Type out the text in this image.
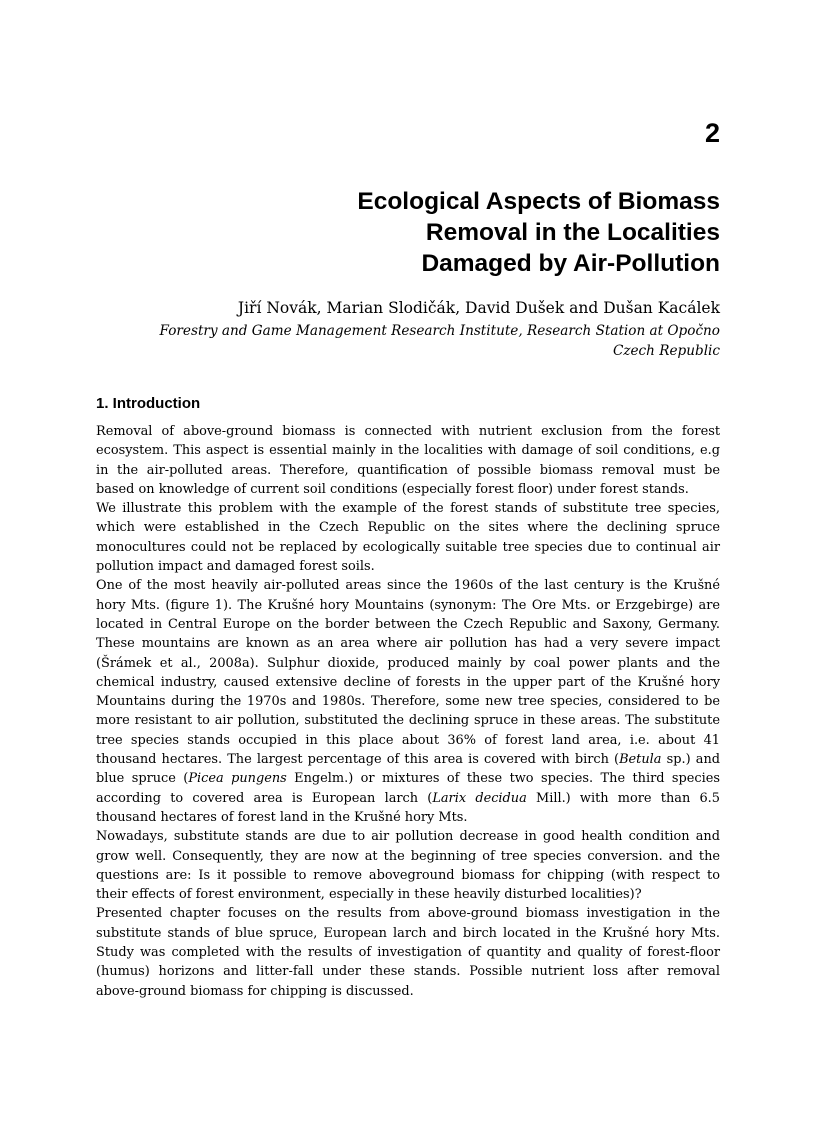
2
Ecological Aspects of Biomass
Removal in the Localities
Damaged by Air-Pollution
Jiří Novák, Marian Slodičák, David Dušek and Dušan Kacálek
Forestry and Game Management Research Institute, Research Station at Opočno
Czech Republic
1. Introduction
Removal of above-ground biomass is connected with nutrient exclusion from the forest
ecosystem. This aspect is essential mainly in the localities with damage of soil conditions, e.g
in the air-polluted areas. Therefore, quantification of possible biomass removal must be
based on knowledge of current soil conditions (especially forest floor) under forest stands.
We illustrate this problem with the example of the forest stands of substitute tree species,
which were established in the Czech Republic on the sites where the declining spruce
monocultures could not be replaced by ecologically suitable tree species due to continual air
pollution impact and damaged forest soils.
One of the most heavily air-polluted areas since the 1960s of the last century is the Krušné
hory Mts. (figure 1). The Krušné hory Mountains (synonym: The Ore Mts. or Erzgebirge) are
located in Central Europe on the border between the Czech Republic and Saxony, Germany.
These mountains are known as an area where air pollution has had a very severe impact
(Šrámek et al., 2008a). Sulphur dioxide, produced mainly by coal power plants and the
chemical industry, caused extensive decline of forests in the upper part of the Krušné hory
Mountains during the 1970s and 1980s. Therefore, some new tree species, considered to be
more resistant to air pollution, substituted the declining spruce in these areas. The substitute
tree species stands occupied in this place about 36% of forest land area, i.e. about 41
thousand hectares. The largest percentage of this area is covered with birch (Betula sp.) and
blue spruce (Picea pungens Engelm.) or mixtures of these two species. The third species
according to covered area is European larch (Larix decidua Mill.) with more than 6.5
thousand hectares of forest land in the Krušné hory Mts.
Nowadays, substitute stands are due to air pollution decrease in good health condition and
grow well. Consequently, they are now at the beginning of tree species conversion. and the
questions are: Is it possible to remove aboveground biomass for chipping (with respect to
their effects of forest environment, especially in these heavily disturbed localities)?
Presented chapter focuses on the results from above-ground biomass investigation in the
substitute stands of blue spruce, European larch and birch located in the Krušné hory Mts.
Study was completed with the results of investigation of quantity and quality of forest-floor
(humus) horizons and litter-fall under these stands. Possible nutrient loss after removal
above-ground biomass for chipping is discussed.
